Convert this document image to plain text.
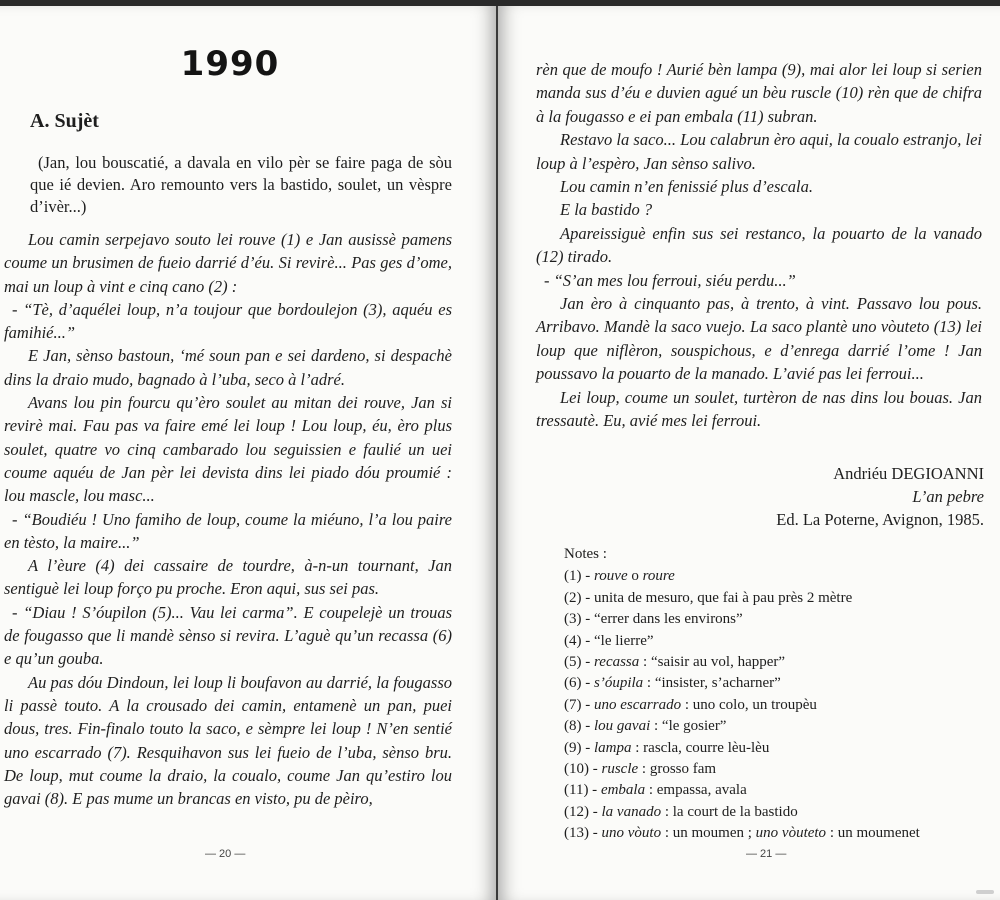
1990
A. Sujèt
(Jan, lou bouscatié, a davala en vilo pèr se faire paga de sòu que ié devien. Aro remounto vers la bastido, soulet, un vèspre d’ivèr...)

Lou camin serpejavo souto lei rouve (1) e Jan ausissè pamens coume un brusimen de fueio darrié d’éu. Si revirè... Pas ges d’ome, mai un loup à vint e cinq cano (2) :

- “Tè, d’aquélei loup, n’a toujour que bordoulejon (3), aquéu es famihié...”

E Jan, sènso bastoun, ‘mé soun pan e sei dardeno, si despachè dins la draio mudo, bagnado à l’uba, seco à l’adré.

Avans lou pin fourcu qu’èro soulet au mitan dei rouve, Jan si revirè mai. Fau pas va faire emé lei loup ! Lou loup, éu, èro plus soulet, quatre vo cinq cambarado lou seguissien e faulié un uei coume aquéu de Jan pèr lei devista dins lei piado dóu proumié : lou mascle, lou masc...

- “Boudiéu ! Uno famiho de loup, coume la miéuno, l’a lou paire en tèsto, la maire...”

A l’èure (4) dei cassaire de tourdre, à-n-un tournant, Jan sentiguè lei loup forço pu proche. Eron aqui, sus sei pas.

- “Diau ! S’óupilon (5)... Vau lei carma”. E coupelejè un trouas de fougasso que li mandè sènso si revira. L’aguè qu’un recassa (6) e qu’un gouba.

Au pas dóu Dindoun, lei loup li boufavon au darrié, la fougasso li passè touto. A la crousado dei camin, entamenè un pan, puei dous, tres. Fin-finalo touto la saco, e sèmpre lei loup ! N’en sentié uno escarrado (7). Resquihavon sus lei fueio de l’uba, sènso bru. De loup, mut coume la draio, la coualo, coume Jan qu’estiro lou gavai (8). E pas mume un brancas en visto, pu de pèiro,

— 20 —

rèn que de moufo ! Aurié bèn lampa (9), mai alor lei loup si serien manda sus d’éu e duvien agué un bèu ruscle (10) rèn que de chifra à la fougasso e ei pan embala (11) subran.

Restavo la saco... Lou calabrun èro aqui, la coualo estranjo, lei loup à l’espèro, Jan sènso salivo.

Lou camin n’en fenissié plus d’escala.

E la bastido ?

Apareissiguè enfin sus sei restanco, la pouarto de la vanado (12) tirado.

- “S’an mes lou ferroui, siéu perdu...”

Jan èro à cinquanto pas, à trento, à vint. Passavo lou pous. Arribavo. Mandè la saco vuejo. La saco plantè uno vòuteto (13) lei loup que niflèron, souspichous, e d’enrega darrié l’ome ! Jan poussavo la pouarto de la manado. L’avié pas lei ferroui...

Lei loup, coume un soulet, turtèron de nas dins lou bouas. Jan tressautè. Eu, avié mes lei ferroui.

Andriéu DEGIOANNI
L’an pebre
Ed. La Poterne, Avignon, 1985.
Notes :
(1) - rouve o roure
(2) - unita de mesuro, que fai à pau près 2 mètre
(3) - “errer dans les environs”
(4) - “le lierre”
(5) - recassa : “saisir au vol, happer”
(6) - s’óupila : “insister, s’acharner”
(7) - uno escarrado : uno colo, un troupèu
(8) - lou gavai : “le gosier”
(9) - lampa : rascla, courre lèu-lèu
(10) - ruscle : grosso fam
(11) - embala : empassa, avala
(12) - la vanado : la court de la bastido
(13) - uno vòuto : un moumen ; uno vòuteto : un moumenet
— 21 —
